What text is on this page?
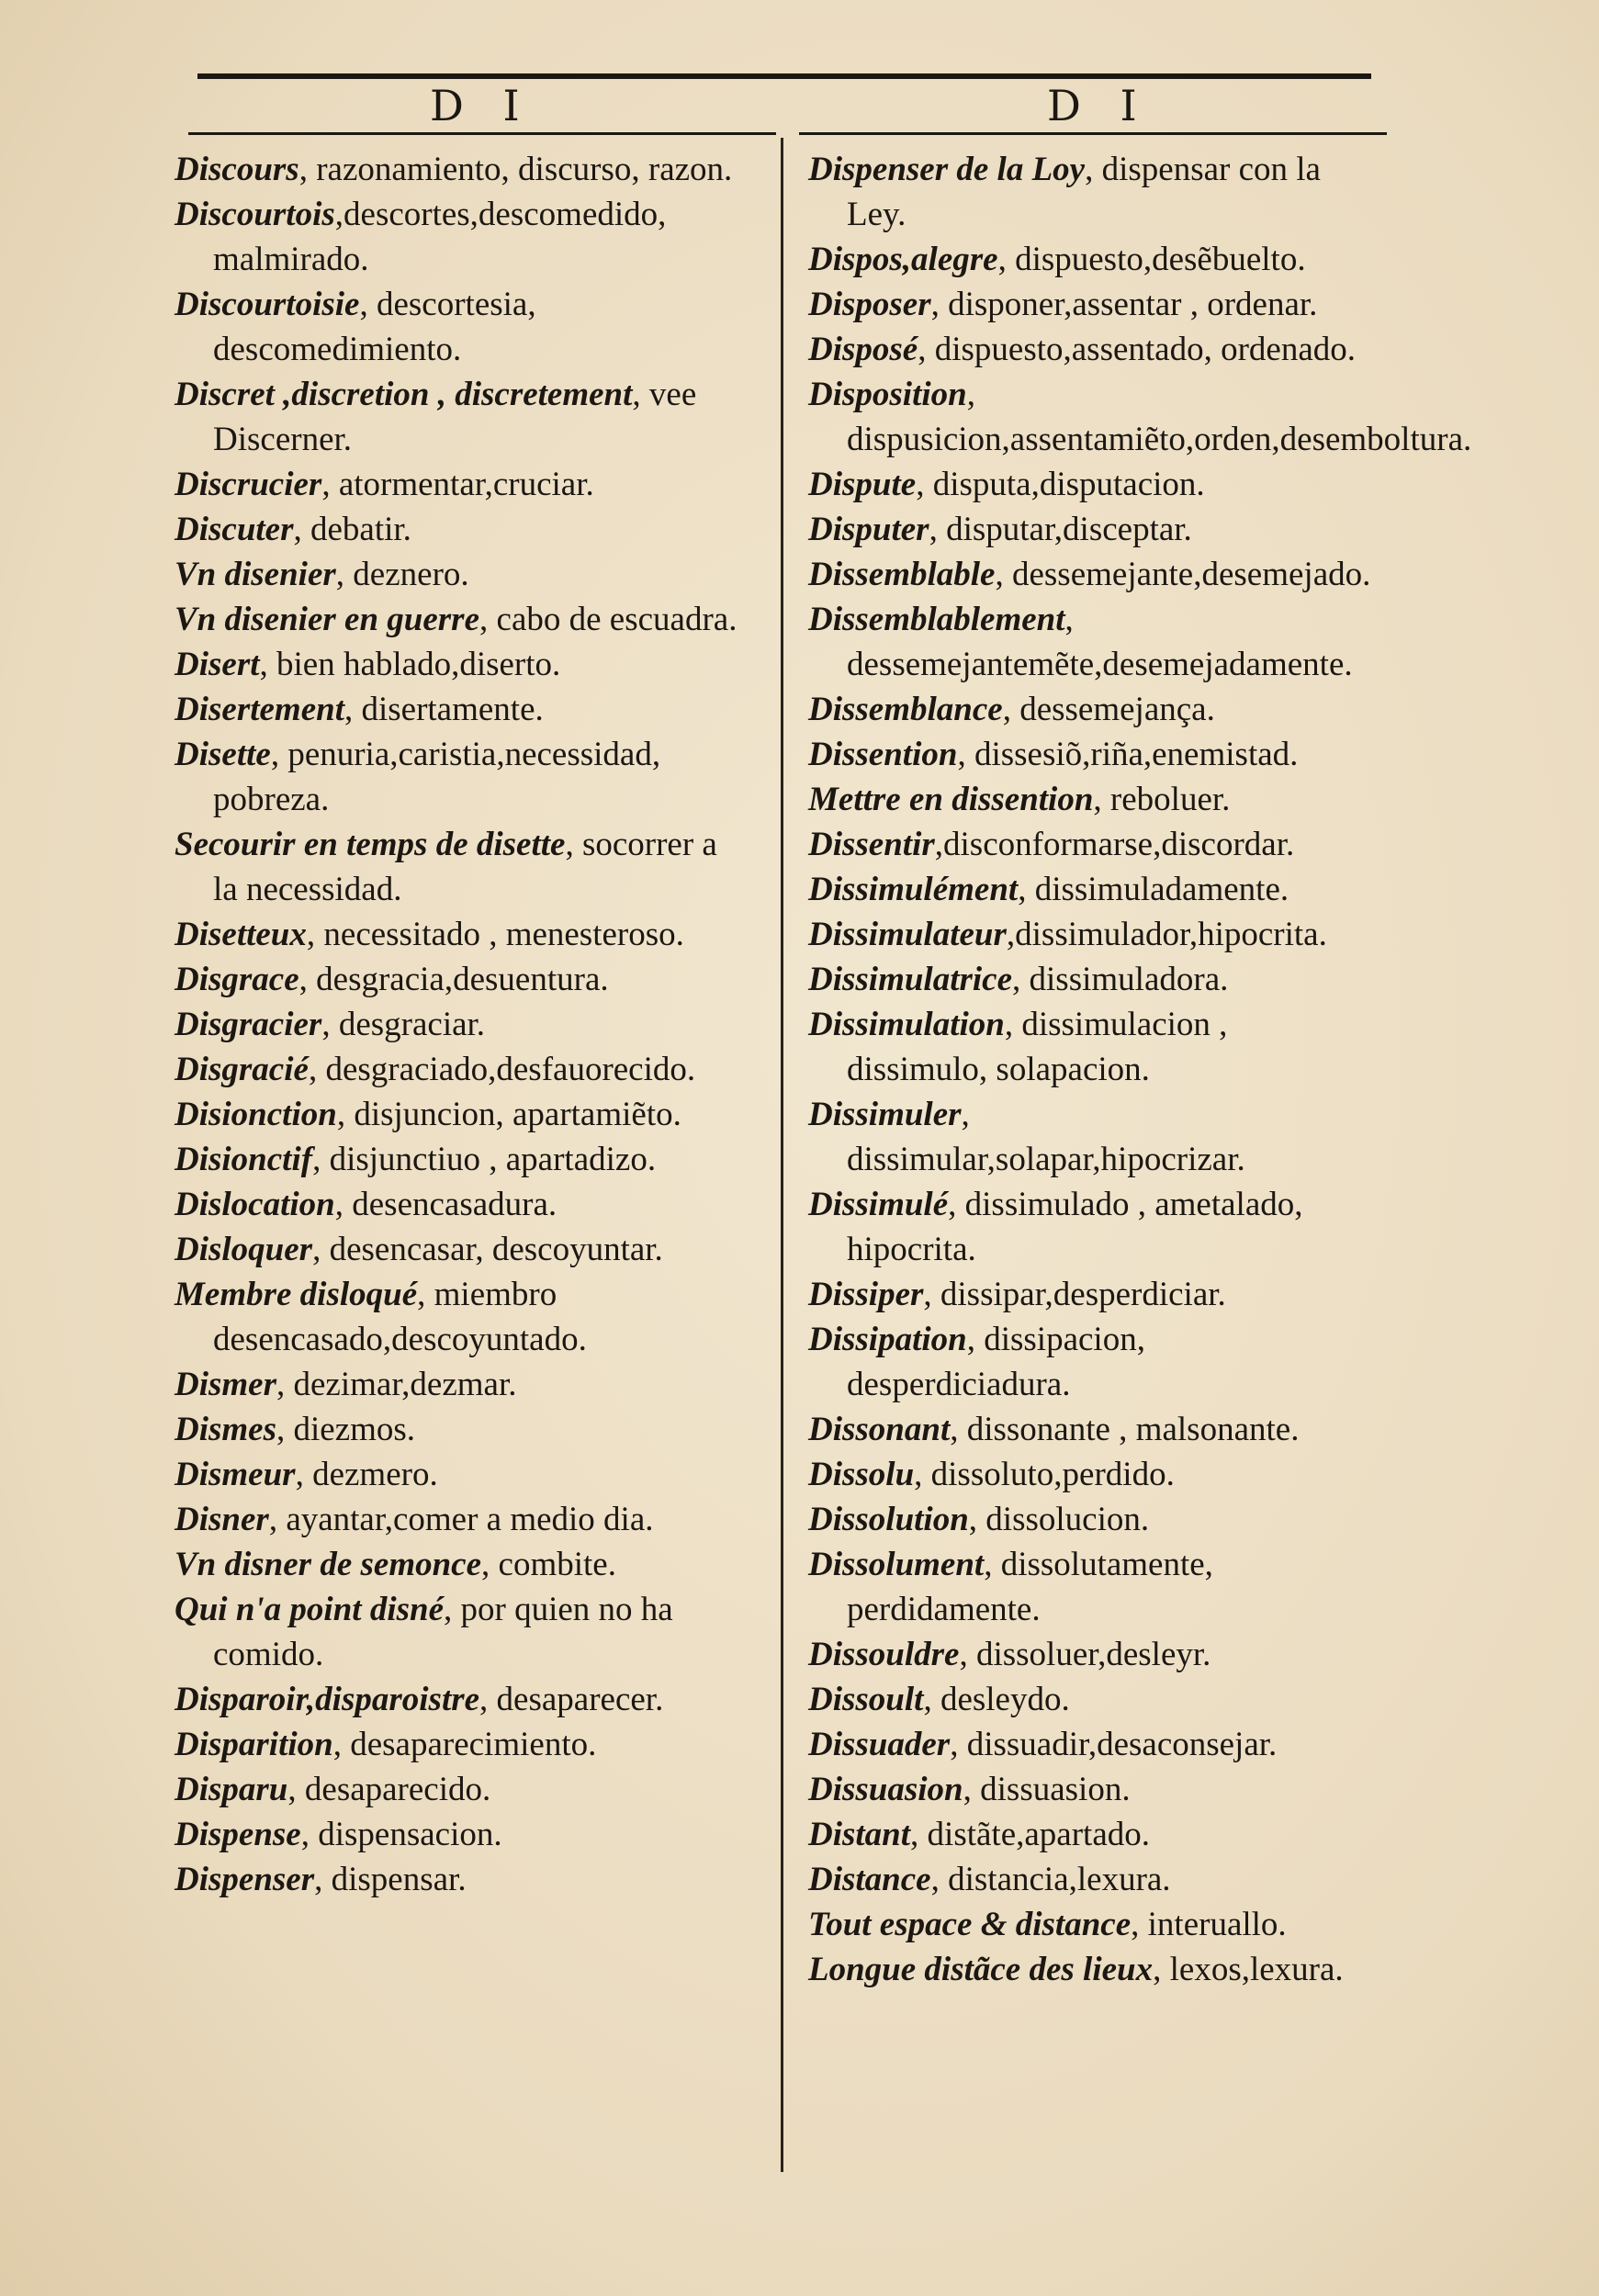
D I	D I

Discours, razonamiento, discurso, razon.

Discourtois,descortes,descomedido, malmirado.

Discourtoisie, descortesia, descomedimiento.

Discret ,discretion , discretement, vee Discerner.

Discrucier, atormentar,cruciar.

Discuter, debatir.

Vn disenier, deznero.

Vn disenier en guerre, cabo de escuadra.

Disert, bien hablado,diserto.

Disertement, disertamente.

Disette, penuria,caristia,necessidad, pobreza.

Secourir en temps de disette, socorrer a la necessidad.

Disetteux, necessitado , menesteroso.

Disgrace, desgracia,desuentura.

Disgracier, desgraciar.

Disgracié, desgraciado,desfauorecido.

Disionction, disjuncion, apartamiẽto.

Disionctif, disjunctiuo , apartadizo.

Dislocation, desencasadura.

Disloquer, desencasar, descoyuntar.

Membre disloqué, miembro desencasado,descoyuntado.

Dismer, dezimar,dezmar.

Dismes, diezmos.

Dismeur, dezmero.

Disner, ayantar,comer a medio dia.

Vn disner de semonce, combite.

Qui n'a point disné, por quien no ha comido.

Disparoir,disparoistre, desaparecer.

Disparition, desaparecimiento.

Disparu, desaparecido.

Dispense, dispensacion.

Dispenser, dispensar.

Dispenser de la Loy, dispensar con la Ley.

Dispos,alegre, dispuesto,desẽbuelto.

Disposer, disponer,assentar , ordenar.

Disposé, dispuesto,assentado, ordenado.

Disposition, dispusicion,assentamiẽto,orden,desemboltura.

Dispute, disputa,disputacion.

Disputer, disputar,disceptar.

Dissemblable, dessemejante,desemejado.

Dissemblablement, dessemejantemẽte,desemejadamente.

Dissemblance, dessemejança.

Dissention, dissesiõ,riña,enemistad.

Mettre en dissention, reboluer.

Dissentir,disconformarse,discordar.

Dissimulément, dissimuladamente.

Dissimulateur,dissimulador,hipocrita.

Dissimulatrice, dissimuladora.

Dissimulation, dissimulacion , dissimulo, solapacion.

Dissimuler, dissimular,solapar,hipocrizar.

Dissimulé, dissimulado , ametalado, hipocrita.

Dissiper, dissipar,desperdiciar.

Dissipation, dissipacion, desperdiciadura.

Dissonant, dissonante , malsonante.

Dissolu, dissoluto,perdido.

Dissolution, dissolucion.

Dissolument, dissolutamente, perdidamente.

Dissouldre, dissoluer,desleyr.

Dissoult, desleydo.

Dissuader, dissuadir,desaconsejar.

Dissuasion, dissuasion.

Distant, distãte,apartado.

Distance, distancia,lexura.

Tout espace & distance, interuallo.

Longue distãce des lieux, lexos,lexura.
